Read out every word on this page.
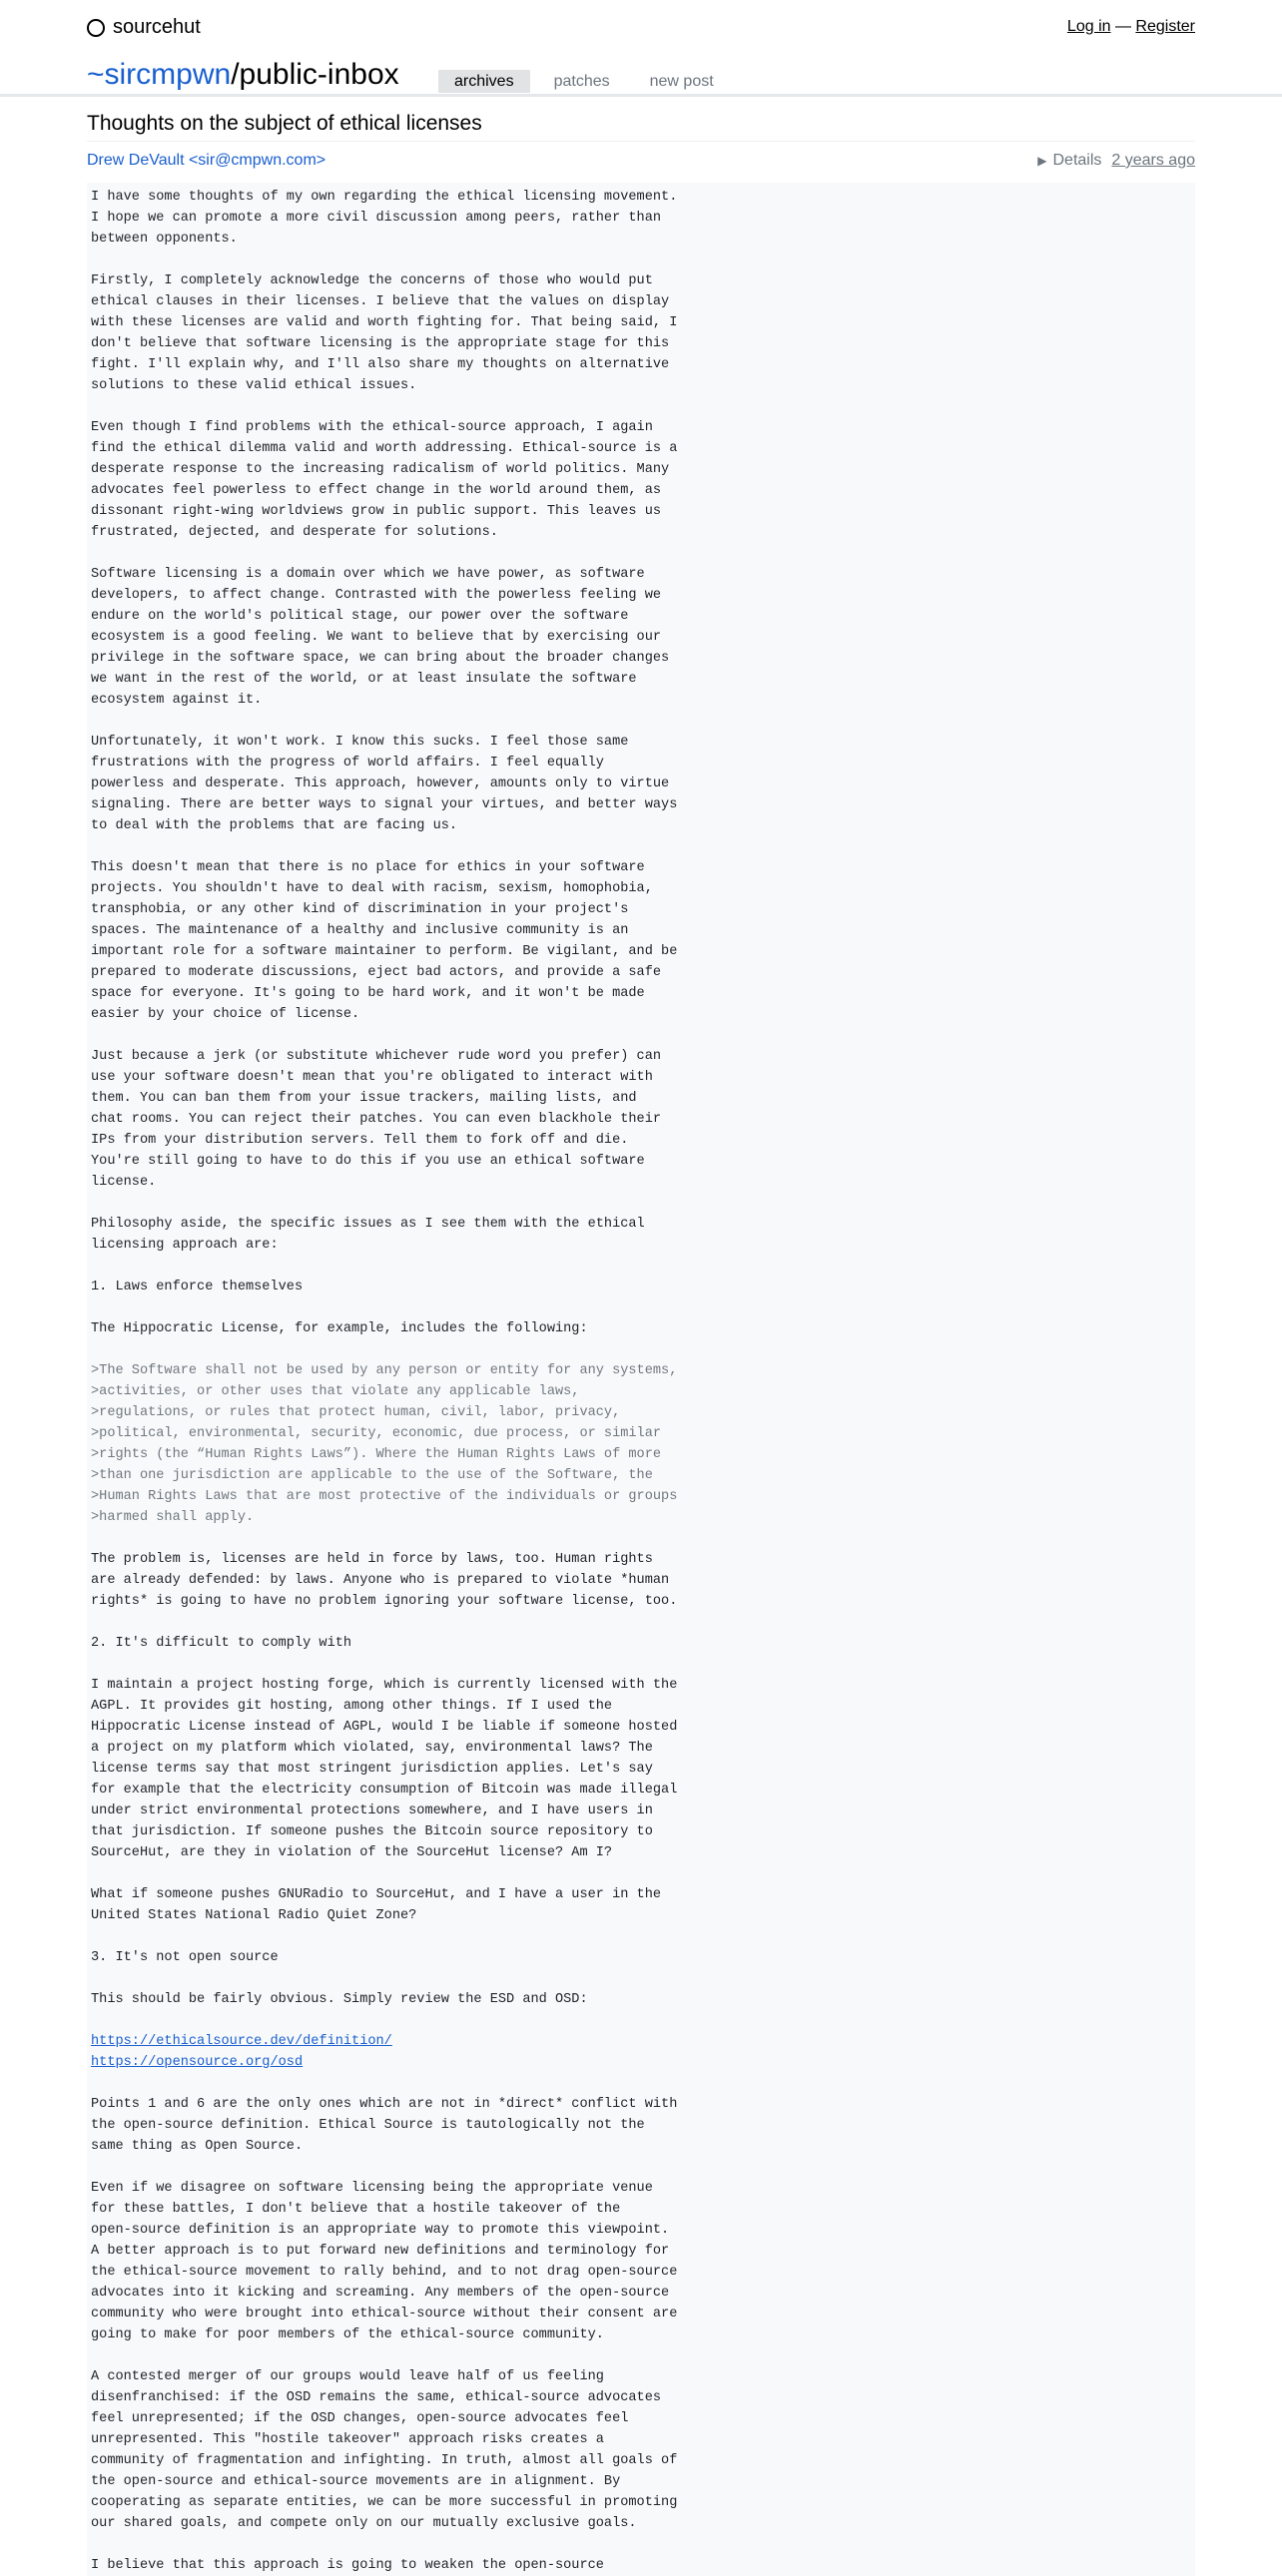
sourcehut	Log in — Register
~sircmpwn/public-inbox	archives	patches	new post
Thoughts on the subject of ethical licenses
Drew DeVault <sir@cmpwn.com>	▶ Details 2 years ago
I have some thoughts of my own regarding the ethical licensing movement.
I hope we can promote a more civil discussion among peers, rather than
between opponents.

Firstly, I completely acknowledge the concerns of those who would put
ethical clauses in their licenses. I believe that the values on display
with these licenses are valid and worth fighting for. That being said, I
don't believe that software licensing is the appropriate stage for this
fight. I'll explain why, and I'll also share my thoughts on alternative
solutions to these valid ethical issues.

Even though I find problems with the ethical-source approach, I again
find the ethical dilemma valid and worth addressing. Ethical-source is a
desperate response to the increasing radicalism of world politics. Many
advocates feel powerless to effect change in the world around them, as
dissonant right-wing worldviews grow in public support. This leaves us
frustrated, dejected, and desperate for solutions.

Software licensing is a domain over which we have power, as software
developers, to affect change. Contrasted with the powerless feeling we
endure on the world's political stage, our power over the software
ecosystem is a good feeling. We want to believe that by exercising our
privilege in the software space, we can bring about the broader changes
we want in the rest of the world, or at least insulate the software
ecosystem against it.

Unfortunately, it won't work. I know this sucks. I feel those same
frustrations with the progress of world affairs. I feel equally
powerless and desperate. This approach, however, amounts only to virtue
signaling. There are better ways to signal your virtues, and better ways
to deal with the problems that are facing us.

This doesn't mean that there is no place for ethics in your software
projects. You shouldn't have to deal with racism, sexism, homophobia,
transphobia, or any other kind of discrimination in your project's
spaces. The maintenance of a healthy and inclusive community is an
important role for a software maintainer to perform. Be vigilant, and be
prepared to moderate discussions, eject bad actors, and provide a safe
space for everyone. It's going to be hard work, and it won't be made
easier by your choice of license.

Just because a jerk (or substitute whichever rude word you prefer) can
use your software doesn't mean that you're obligated to interact with
them. You can ban them from your issue trackers, mailing lists, and
chat rooms. You can reject their patches. You can even blackhole their
IPs from your distribution servers. Tell them to fork off and die.
You're still going to have to do this if you use an ethical software
license.

Philosophy aside, the specific issues as I see them with the ethical
licensing approach are:

1. Laws enforce themselves

The Hippocratic License, for example, includes the following:

>The Software shall not be used by any person or entity for any systems,
>activities, or other uses that violate any applicable laws,
>regulations, or rules that protect human, civil, labor, privacy,
>political, environmental, security, economic, due process, or similar
>rights (the “Human Rights Laws”). Where the Human Rights Laws of more
>than one jurisdiction are applicable to the use of the Software, the
>Human Rights Laws that are most protective of the individuals or groups
>harmed shall apply.

The problem is, licenses are held in force by laws, too. Human rights
are already defended: by laws. Anyone who is prepared to violate *human
rights* is going to have no problem ignoring your software license, too.

2. It's difficult to comply with

I maintain a project hosting forge, which is currently licensed with the
AGPL. It provides git hosting, among other things. If I used the
Hippocratic License instead of AGPL, would I be liable if someone hosted
a project on my platform which violated, say, environmental laws? The
license terms say that most stringent jurisdiction applies. Let's say
for example that the electricity consumption of Bitcoin was made illegal
under strict environmental protections somewhere, and I have users in
that jurisdiction. If someone pushes the Bitcoin source repository to
SourceHut, are they in violation of the SourceHut license? Am I?

What if someone pushes GNURadio to SourceHut, and I have a user in the
United States National Radio Quiet Zone?

3. It's not open source

This should be fairly obvious. Simply review the ESD and OSD:

https://ethicalsource.dev/definition/
https://opensource.org/osd

Points 1 and 6 are the only ones which are not in *direct* conflict with
the open-source definition. Ethical Source is tautologically not the
same thing as Open Source.

Even if we disagree on software licensing being the appropriate venue
for these battles, I don't believe that a hostile takeover of the
open-source definition is an appropriate way to promote this viewpoint.
A better approach is to put forward new definitions and terminology for
the ethical-source movement to rally behind, and to not drag open-source
advocates into it kicking and screaming. Any members of the open-source
community who were brought into ethical-source without their consent are
going to make for poor members of the ethical-source community.

A contested merger of our groups would leave half of us feeling
disenfranchised: if the OSD remains the same, ethical-source advocates
feel unrepresented; if the OSD changes, open-source advocates feel
unrepresented. This "hostile takeover" approach risks creates a
community of fragmentation and infighting. In truth, almost all goals of
the open-source and ethical-source movements are in alignment. By
cooperating as separate entities, we can be more successful in promoting
our shared goals, and compete only on our mutually exclusive goals.

I believe that this approach is going to weaken the open-source
